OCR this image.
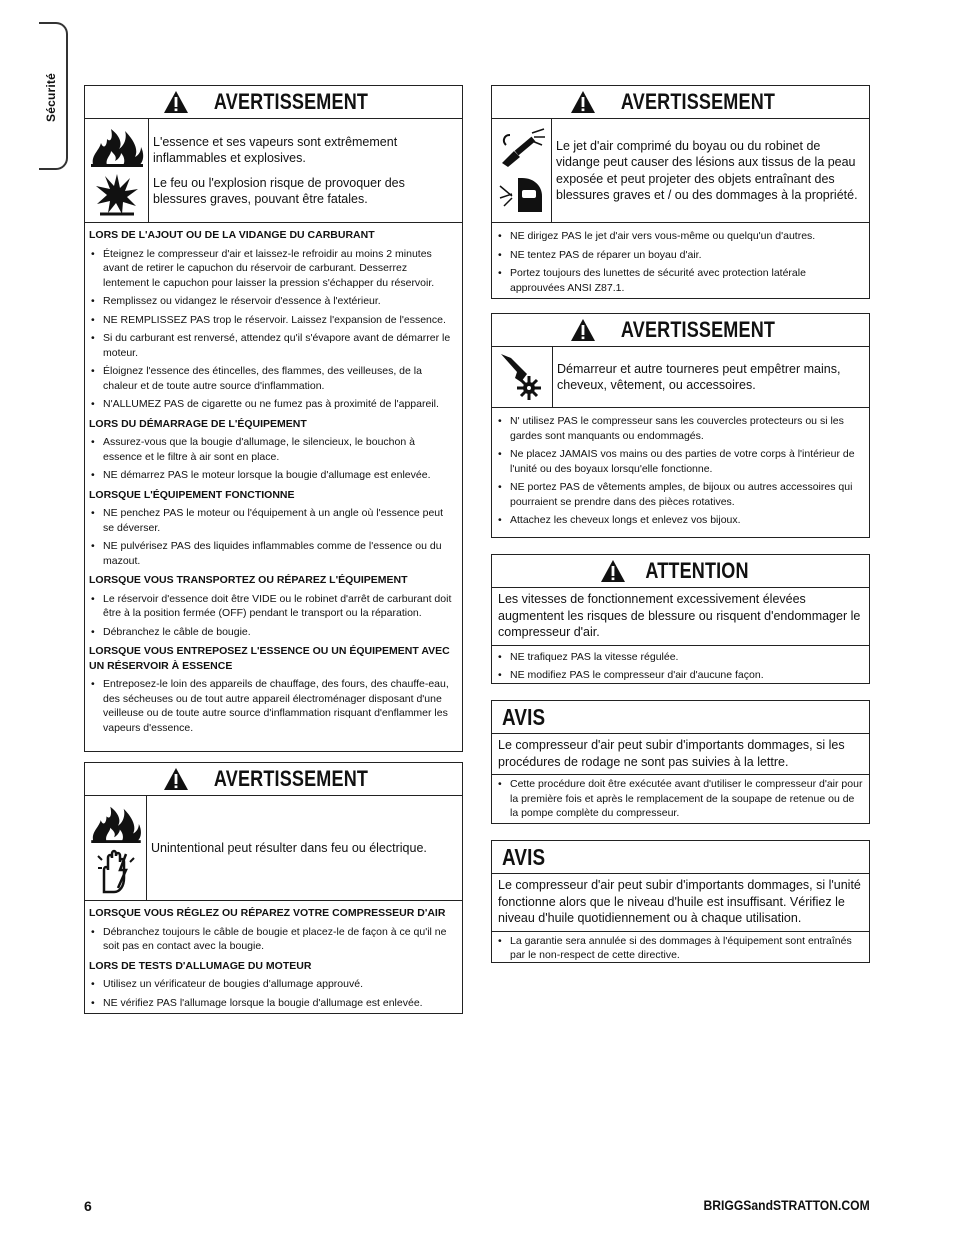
Sécurité	AVERTISSEMENT

L'essence et ses vapeurs sont extrêmement inflammables et explosives.

Le feu ou l'explosion risque de provoquer des blessures graves, pouvant être fatales.

LORS DE L'AJOUT OU DE LA VIDANGE DU CARBURANT
• Éteignez le compresseur d'air et laissez-le refroidir au moins 2 minutes avant de retirer le capuchon du réservoir de carburant. Desserrez lentement le capuchon pour laisser la pression s'échapper du réservoir.
• Remplissez ou vidangez le réservoir d'essence à l'extérieur.
• NE REMPLISSEZ PAS trop le réservoir. Laissez l'expansion de l'essence.
• Si du carburant est renversé, attendez qu'il s'évapore avant de démarrer le moteur.
• Éloignez l'essence des étincelles, des flammes, des veilleuses, de la chaleur et de toute autre source d'inflammation.
• N'ALLUMEZ PAS de cigarette ou ne fumez pas à proximité de l'appareil.
LORS DU DÉMARRAGE DE L'ÉQUIPEMENT
• Assurez-vous que la bougie d'allumage, le silencieux, le bouchon à essence et le filtre à air sont en place.
• NE démarrez PAS le moteur lorsque la bougie d'allumage est enlevée.
LORSQUE L'ÉQUIPEMENT FONCTIONNE
• NE penchez PAS le moteur ou l'équipement à un angle où l'essence peut se déverser.
• NE pulvérisez PAS des liquides inflammables comme de l'essence ou du mazout.
LORSQUE VOUS TRANSPORTEZ OU RÉPAREZ L'ÉQUIPEMENT
• Le réservoir d'essence doit être VIDE ou le robinet d'arrêt de carburant doit être à la position fermée (OFF) pendant le transport ou la réparation.
• Débranchez le câble de bougie.
LORSQUE VOUS ENTREPOSEZ L'ESSENCE OU UN ÉQUIPEMENT AVEC UN RÉSERVOIR À ESSENCE
• Entreposez-le loin des appareils de chauffage, des fours, des chauffe-eau, des sécheuses ou de tout autre appareil électroménager disposant d'une veilleuse ou de toute autre source d'inflammation risquant d'enflammer les vapeurs d'essence.
AVERTISSEMENT

Unintentional peut résulter dans feu ou électrique.

LORSQUE VOUS RÉGLEZ OU RÉPAREZ VOTRE COMPRESSEUR D'AIR
• Débranchez toujours le câble de bougie et placez-le de façon à ce qu'il ne soit pas en contact avec la bougie.
LORS DE TESTS D'ALLUMAGE DU MOTEUR
• Utilisez un vérificateur de bougies d'allumage approuvé.
• NE vérifiez PAS l'allumage lorsque la bougie d'allumage est enlevée.
AVERTISSEMENT

Le jet d'air comprimé du boyau ou du robinet de vidange peut causer des lésions aux tissus de la peau exposée et peut projeter des objets entraînant des blessures graves et / ou des dommages à la propriété.

• NE dirigez PAS le jet d'air vers vous-même ou quelqu'un d'autres.
• NE tentez PAS de réparer un boyau d'air.
• Portez toujours des lunettes de sécurité avec protection latérale approuvées ANSI Z87.1.
AVERTISSEMENT

Démarreur et autre tourneres peut empêtrer mains, cheveux, vêtement, ou accessoires.

• N' utilisez PAS le compresseur sans les couvercles protecteurs ou si les gardes sont manquants ou endommagés.
• Ne placez JAMAIS vos mains ou des parties de votre corps à l'intérieur de l'unité ou des boyaux lorsqu'elle fonctionne.
• NE portez PAS de vêtements amples, de bijoux ou autres accessoires qui pourraient se prendre dans des pièces rotatives.
• Attachez les cheveux longs et enlevez vos bijoux.
ATTENTION
Les vitesses de fonctionnement excessivement élevées augmentent les risques de blessure ou risquent d'endommager le compresseur d'air.
• NE trafiquez PAS la vitesse régulée.
• NE modifiez PAS le compresseur d'air d'aucune façon.
AVIS
Le compresseur d'air peut subir d'importants dommages, si les procédures de rodage ne sont pas suivies à la lettre.
• Cette procédure doit être exécutée avant d'utiliser le compresseur d'air pour la première fois et après le remplacement de la soupape de retenue ou de la pompe complète du compresseur.
AVIS
Le compresseur d'air peut subir d'importants dommages, si l'unité fonctionne alors que le niveau d'huile est insuffisant. Vérifiez le niveau d'huile quotidiennement ou à chaque utilisation.
• La garantie sera annulée si des dommages à l'équipement sont entraînés par le non-respect de cette directive.
6	BRIGGSandSTRATTON.COM
